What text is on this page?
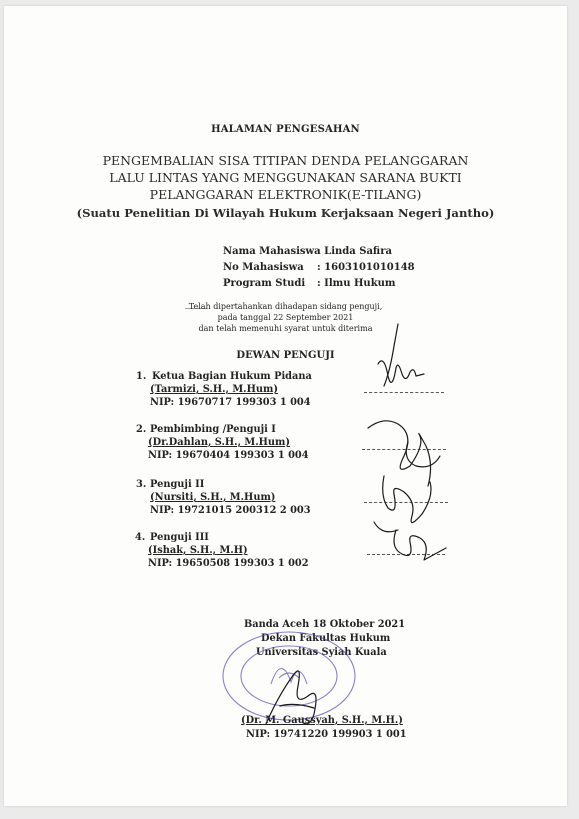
HALAMAN PENGESAHAN
PENGEMBALIAN SISA TITIPAN DENDA PELANGGARAN
LALU LINTAS YANG MENGGUNAKAN SARANA BUKTI
PELANGGARAN ELEKTRONIK(E-TILANG)
(Suatu Penelitian Di Wilayah Hukum Kerjaksaan Negeri Jantho)
Nama Mahasiswa
: Linda Safira
No Mahasiswa : 1603101010148
Program Studi : Ilmu Hukum
Telah dipertahankan dihadapan sidang penguji,
pada tanggal 22 September 2021
dan telah memenuhi syarat untuk diterima
DEWAN PENGUJI
1. Ketua Bagian Hukum Pidana
(Tarmizi, S.H., M.Hum)
NIP: 19670717 199303 1 004
2. Pembimbing /Penguji I
(Dr.Dahlan, S.H., M.Hum)
NIP: 19670404 199303 1 004
3. Penguji II
(Nursiti, S.H., M.Hum)
NIP: 19721015 200312 2 003
4. Penguji III
(Ishak, S.H., M.H)
NIP: 19650508 199303 1 002
Banda Aceh 18 Oktober 2021
Dekan Fakultas Hukum
Universitas Syiah Kuala
(Dr. M. Gaussyah, S.H., M.H.)
NIP: 19741220 199903 1 001
